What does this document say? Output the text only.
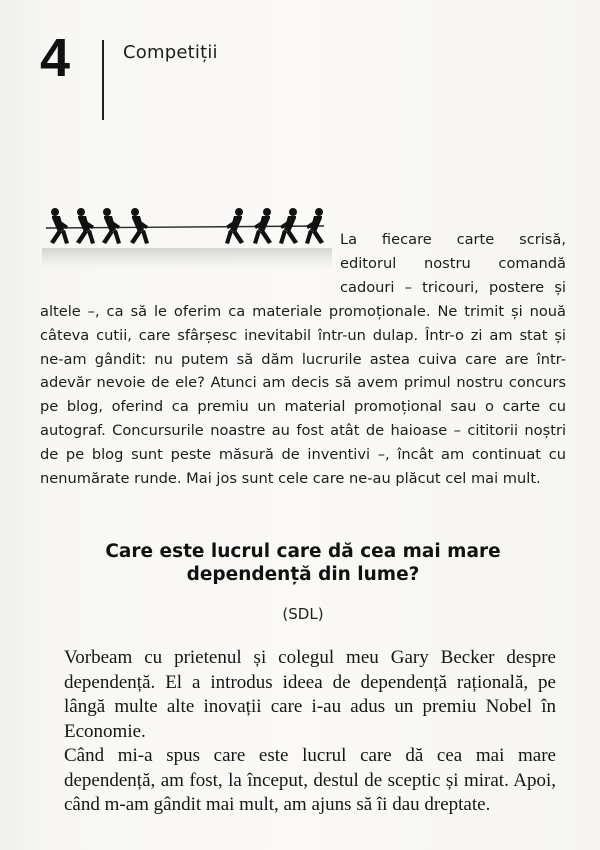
4	Competiții
La fiecare carte scrisă, editorul nostru comandă cadouri – tricouri, postere și altele –, ca să le oferim ca materiale promoționale. Ne trimit și nouă câteva cutii, care sfârșesc inevitabil într-un dulap. Într-o zi am stat și ne-am gândit: nu putem să dăm lucrurile astea cuiva care are într-adevăr nevoie de ele? Atunci am decis să avem primul nostru concurs pe blog, oferind ca premiu un material promoțional sau o carte cu autograf. Concursurile noastre au fost atât de haioase – cititorii noștri de pe blog sunt peste măsură de inventivi –, încât am continuat cu nenumărate runde. Mai jos sunt cele care ne-au plăcut cel mai mult.
Care este lucrul care dă cea mai mare
dependență din lume?
(SDL)

Vorbeam cu prietenul și colegul meu Gary Becker despre dependență. El a introdus ideea de dependență rațională, pe lângă multe alte inovații care i-au adus un premiu Nobel în Economie.

Când mi-a spus care este lucrul care dă cea mai mare dependență, am fost, la început, destul de sceptic și mirat. Apoi, când m-am gândit mai mult, am ajuns să îi dau dreptate.
